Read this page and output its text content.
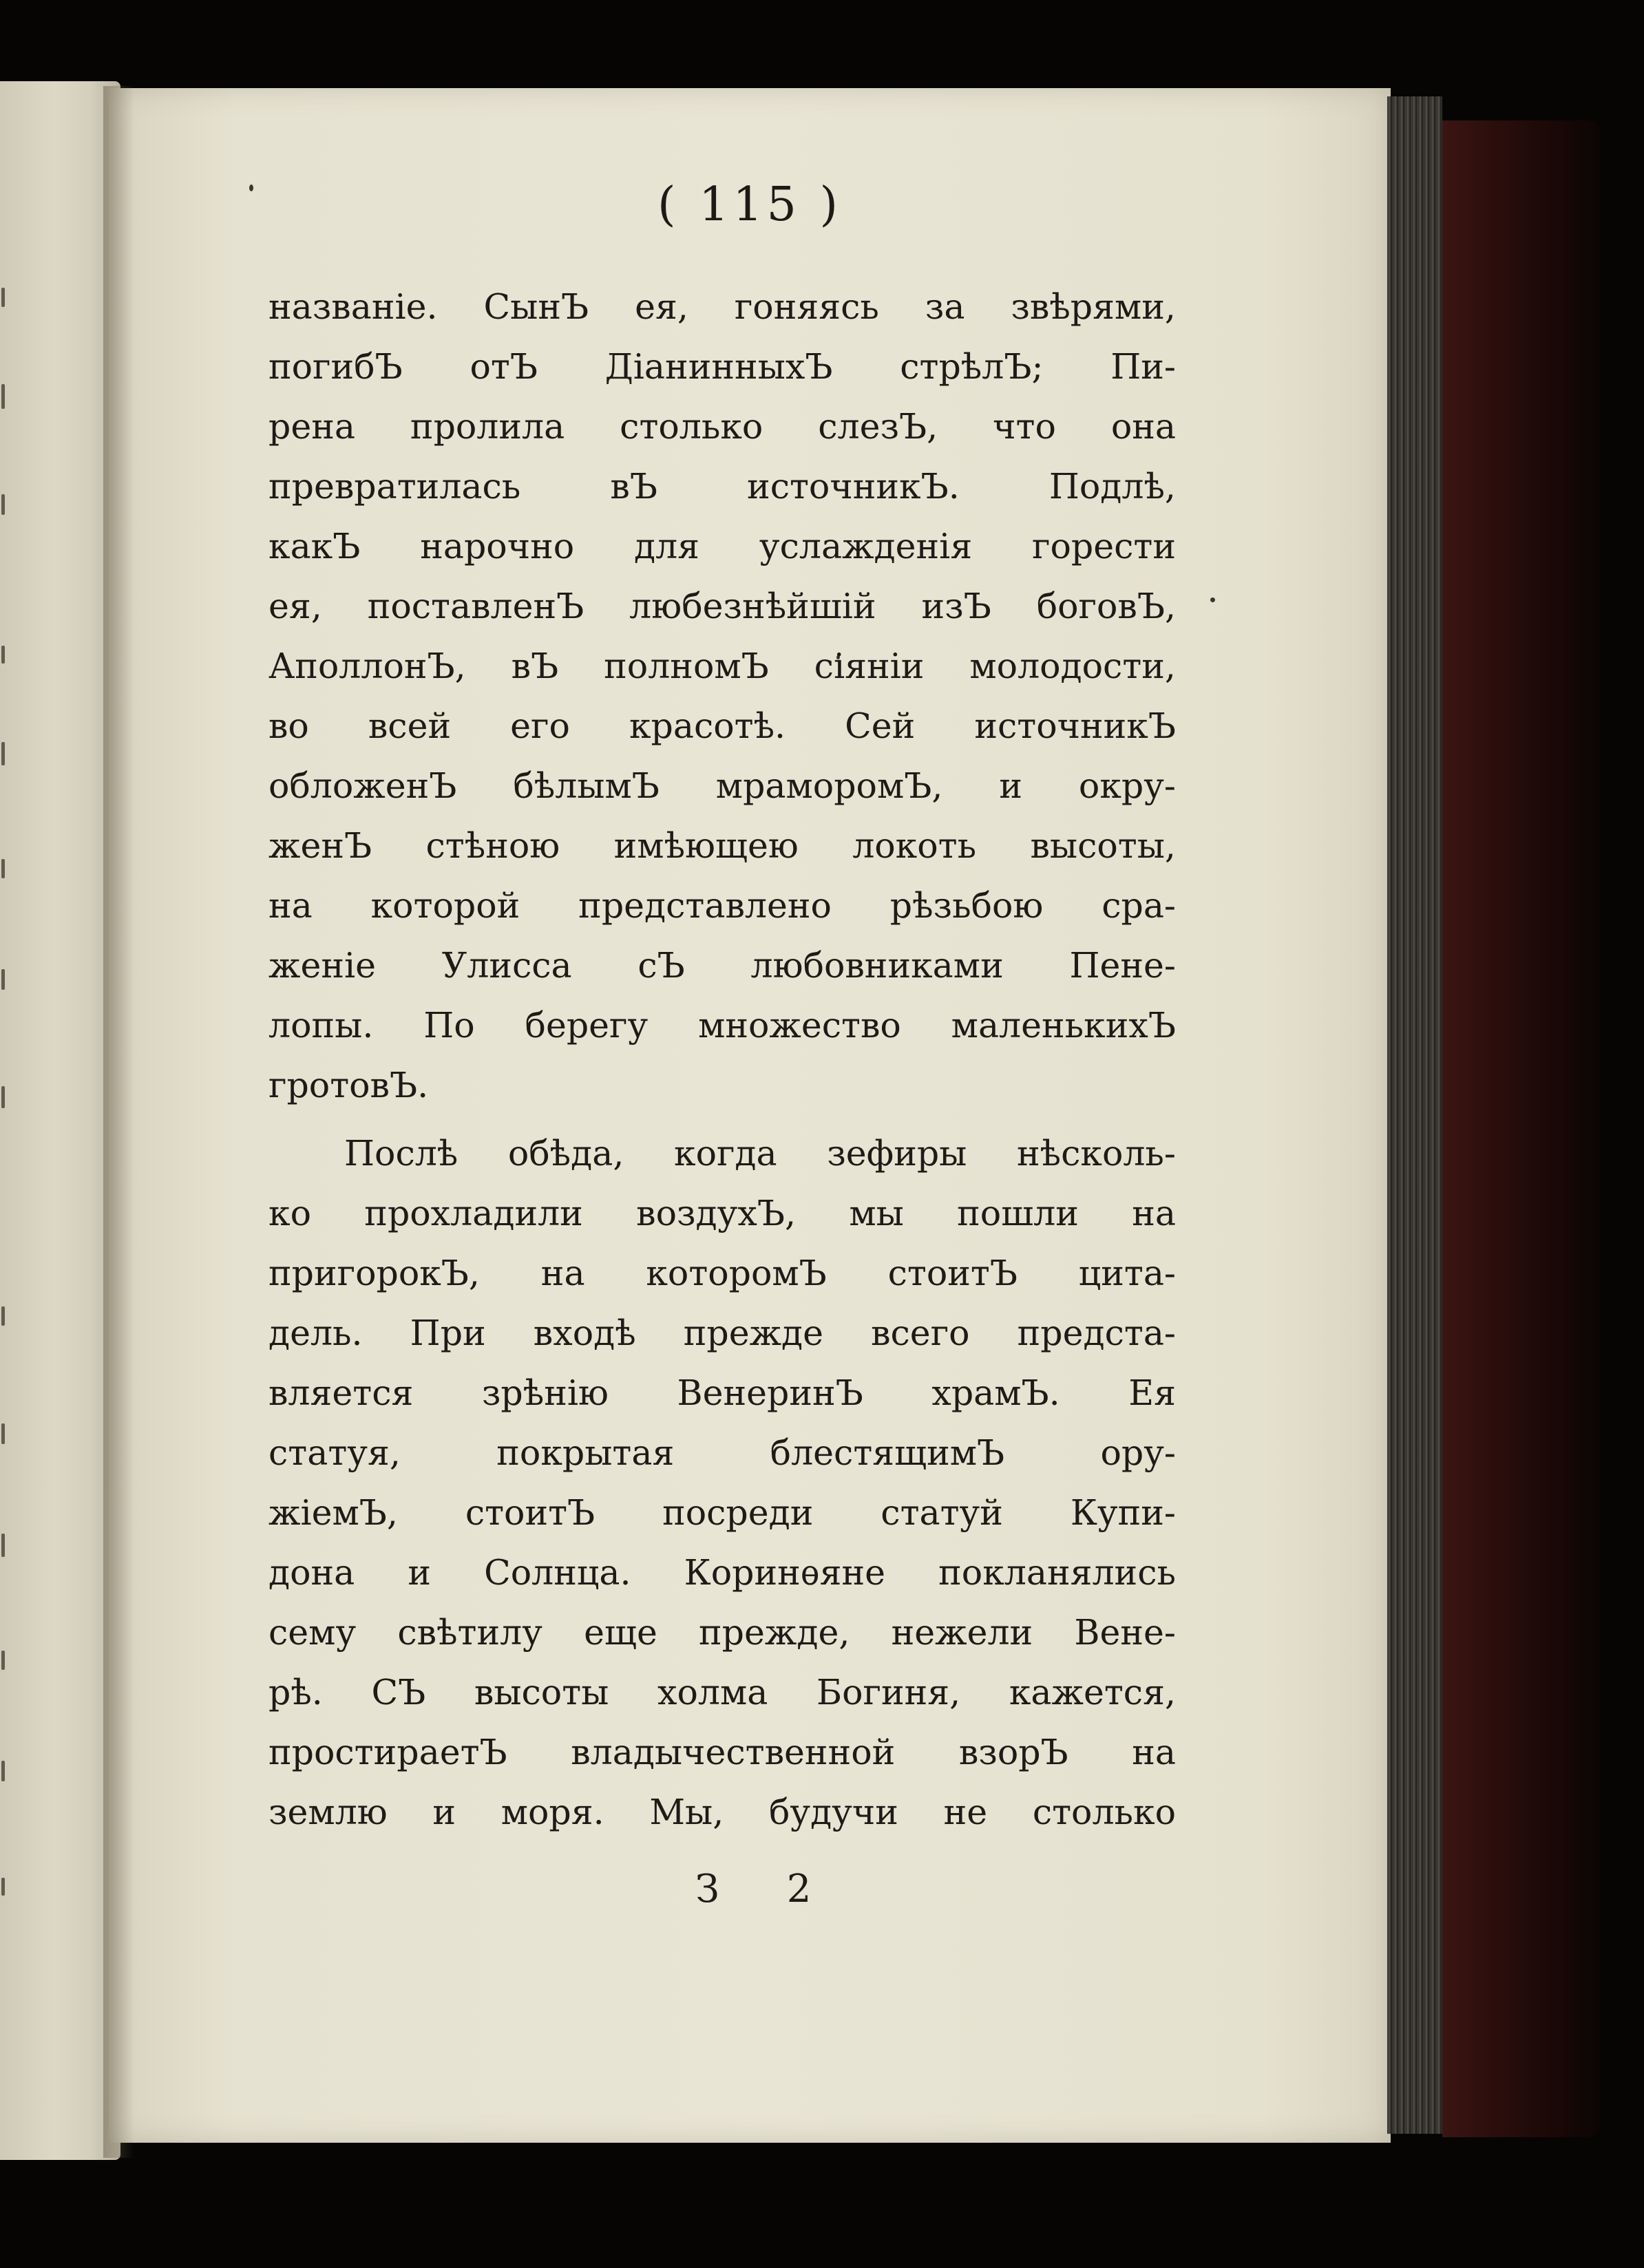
( 115 )

названіе. СынЪ ея, гоняясь за звѣрями,
погибЪ отЪ ДіанинныхЪ стрѣлЪ; Пи-
рена пролила столько слезЪ, что она
превратилась вЪ источникЪ. Подлѣ,
какЪ нарочно для услажденія горести
ея, поставленЪ любезнѣйшій изЪ боговЪ,
АполлонЪ, вЪ полномЪ сіяніи молодости,
во всей его красотѣ. Сей источникЪ
обложенЪ бѣлымЪ мраморомЪ, и окру-
женЪ стѣною имѣющею локоть высоты,
на которой представлено рѣзьбою сра-
женіе Улисса сЪ любовниками Пене-
лопы. По берегу множество маленькихЪ
гротовЪ.
Послѣ обѣда, когда зефиры нѣсколь-
ко прохладили воздухЪ, мы пошли на
пригорокЪ, на которомЪ стоитЪ цита-
дель. При входѣ прежде всего предста-
вляется зрѣнію ВенеринЪ храмЪ. Ея
статуя, покрытая блестящимЪ ору-
жіемЪ, стоитЪ посреди статуй Купи-
дона и Солнца. Коринѳяне покланялись
сему свѣтилу еще прежде, нежели Вене-
рѣ. СЪ высоты холма Богиня, кажется,
простираетЪ владычественной взорЪ на
землю и моря. Мы, будучи не столько
З 2
